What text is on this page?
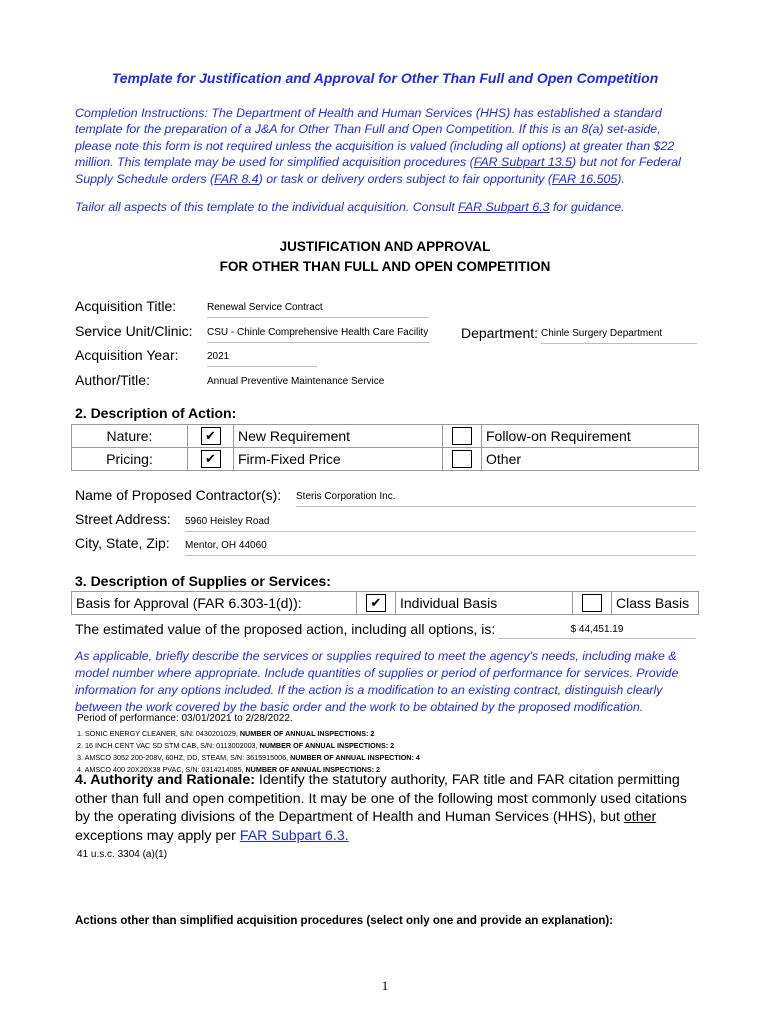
Template for Justification and Approval for Other Than Full and Open Competition
Completion Instructions: The Department of Health and Human Services (HHS) has established a standard template for the preparation of a J&A for Other Than Full and Open Competition. If this is an 8(a) set-aside, please note this form is not required unless the acquisition is valued (including all options) at greater than $22 million. This template may be used for simplified acquisition procedures (FAR Subpart 13.5) but not for Federal Supply Schedule orders (FAR 8.4) or task or delivery orders subject to fair opportunity (FAR 16.505).
Tailor all aspects of this template to the individual acquisition. Consult FAR Subpart 6.3 for guidance.
JUSTIFICATION AND APPROVAL
FOR OTHER THAN FULL AND OPEN COMPETITION
Acquisition Title:	Renewal Service Contract
Service Unit/Clinic: CSU - Chinle Comprehensive Health Care Facility Department: Chinle Surgery Department
Acquisition Year:	2021
Author/Title:	Annual Preventive Maintenance Service
2. Description of Action:
Nature:	✔	New Requirement		Follow-on Requirement
Pricing:	✔	Firm-Fixed Price		Other
Name of Proposed Contractor(s): Steris Corporation Inc.
Street Address: 5960 Heisley Road
City, State, Zip: Mentor, OH 44060
3. Description of Supplies or Services:
Basis for Approval (FAR 6.303-1(d)):	✔	Individual Basis		Class Basis
The estimated value of the proposed action, including all options, is:	$ 44,451.19
As applicable, briefly describe the services or supplies required to meet the agency's needs, including make & model number where appropriate. Include quantities of supplies or period of performance for services. Provide information for any options included. If the action is a modification to an existing contract, distinguish clearly between the work covered by the basic order and the work to be obtained by the proposed modification.
Period of performance: 03/01/2021 to 2/28/2022.
1. SONIC ENERGY CLEANER, S/N: 0430201029, NUMBER OF ANNUAL INSPECTIONS: 2
2. 16 INCH CENT VAC SD STM CAB, S/N: 0113002003, NUMBER OF ANNUAL INSPECTIONS: 2
3. AMSCO 3052 200-208V, 60HZ, DD, STEAM, S/N: 3615915006, NUMBER OF ANNUAL INSPECTION: 4
4. AMSCO 400 20X20X38 PVAC, S/N: 0314214085, NUMBER OF ANNUAL INSPECTIONS: 2
4. Authority and Rationale: Identify the statutory authority, FAR title and FAR citation permitting other than full and open competition. It may be one of the following most commonly used citations by the operating divisions of the Department of Health and Human Services (HHS), but other exceptions may apply per FAR Subpart 6.3.
41 u.s.c. 3304 (a)(1)
Actions other than simplified acquisition procedures (select only one and provide an explanation):
1
